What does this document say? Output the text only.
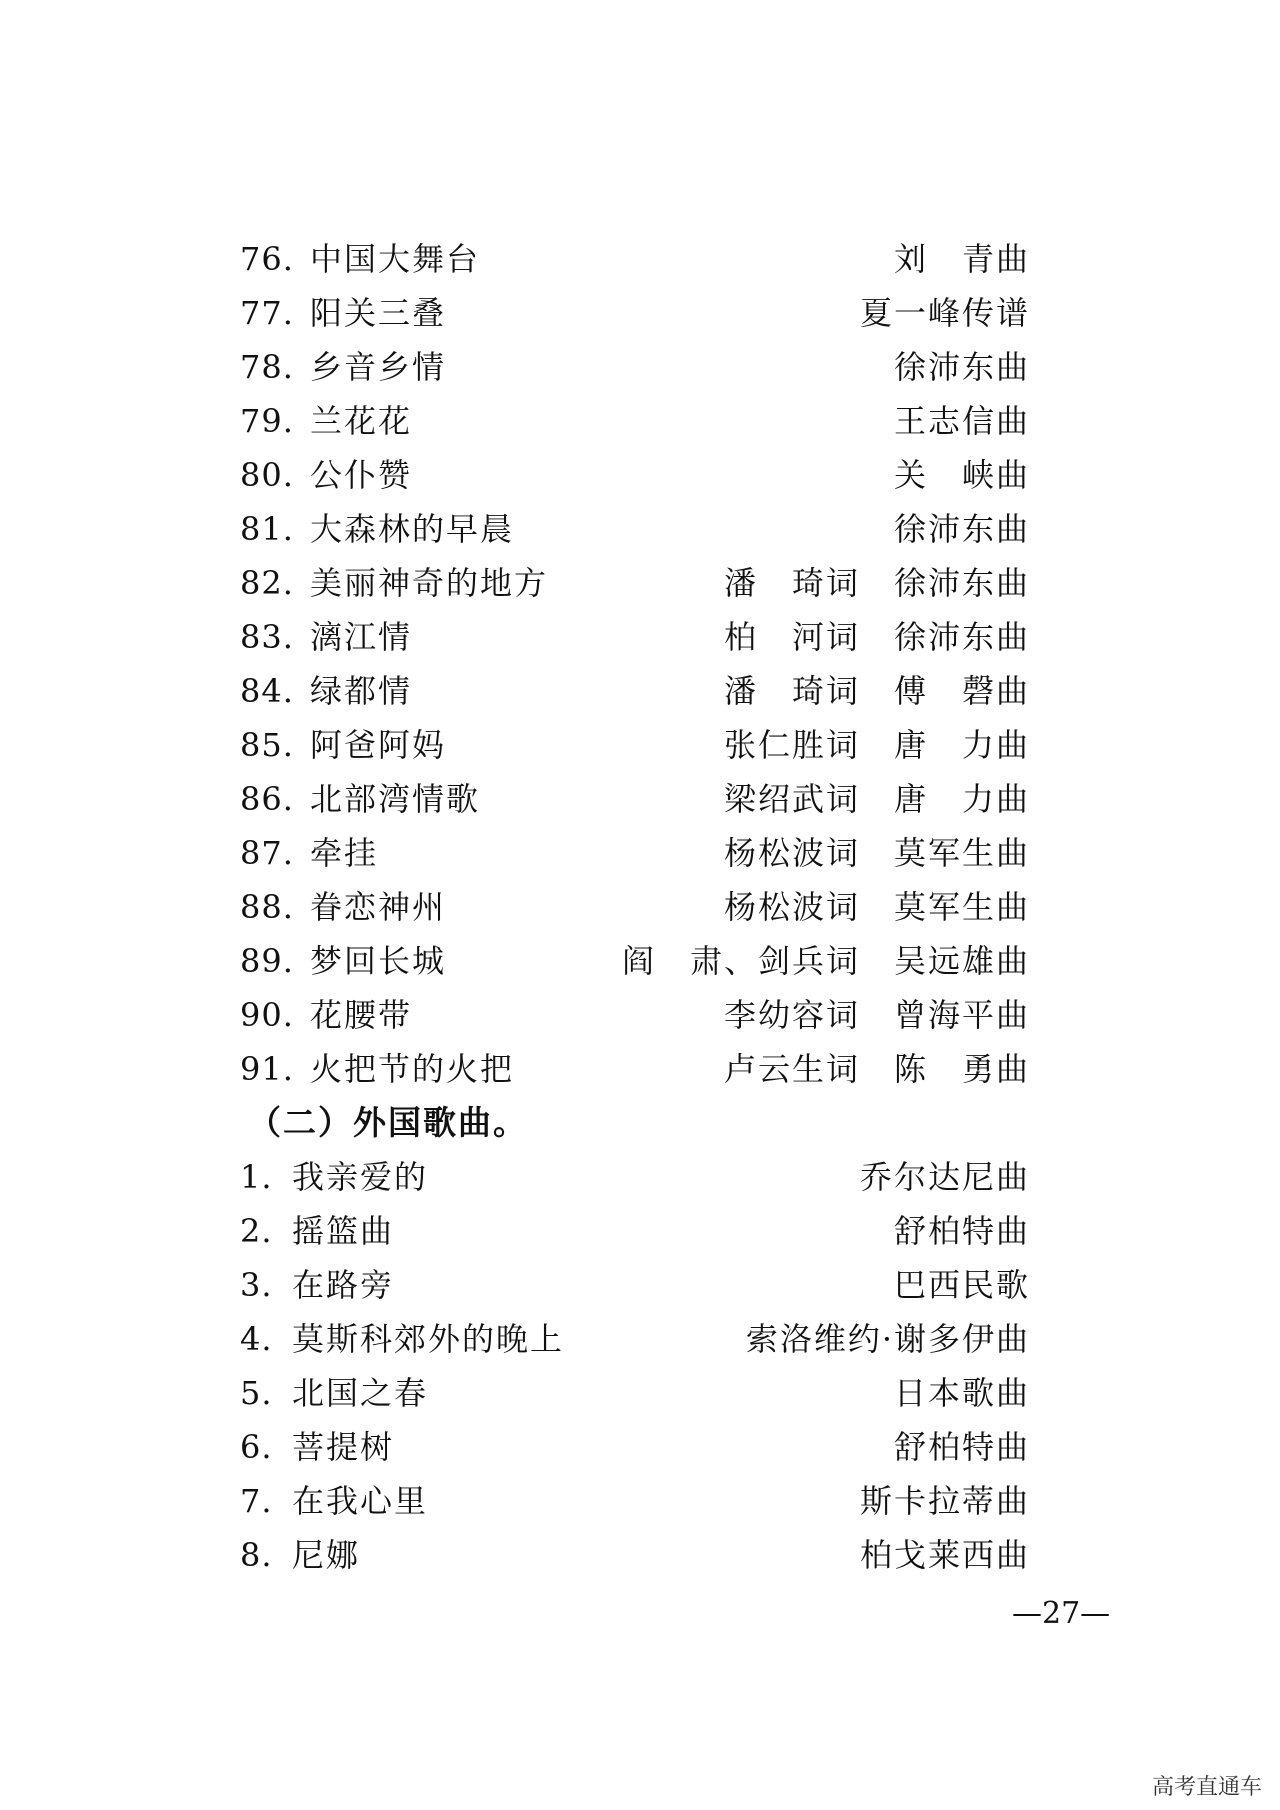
76. 中国大舞台	刘　青曲
77. 阳关三叠	夏一峰传谱
78. 乡音乡情	徐沛东曲
79. 兰花花	王志信曲
80. 公仆赞	关　峡曲
81. 大森林的早晨	徐沛东曲
82. 美丽神奇的地方	潘　琦词 徐沛东曲
83. 漓江情	柏　河词 徐沛东曲
84. 绿都情	潘　琦词 傅　磬曲
85. 阿爸阿妈	张仁胜词 唐　力曲
86. 北部湾情歌	梁绍武词 唐　力曲
87. 牵挂	杨松波词 莫军生曲
88. 眷恋神州	杨松波词 莫军生曲
89. 梦回长城	阎　肃、剑兵词 吴远雄曲
90. 花腰带	李幼容词 曾海平曲
91. 火把节的火把	卢云生词 陈　勇曲
（二）外国歌曲。
1. 我亲爱的	乔尔达尼曲
2. 摇篮曲	舒柏特曲
3. 在路旁	巴西民歌
4. 莫斯科郊外的晚上	索洛维约·谢多伊曲
5. 北国之春	日本歌曲
6. 菩提树	舒柏特曲
7. 在我心里	斯卡拉蒂曲
8. 尼娜	柏戈莱西曲
—27—
高考直通车
